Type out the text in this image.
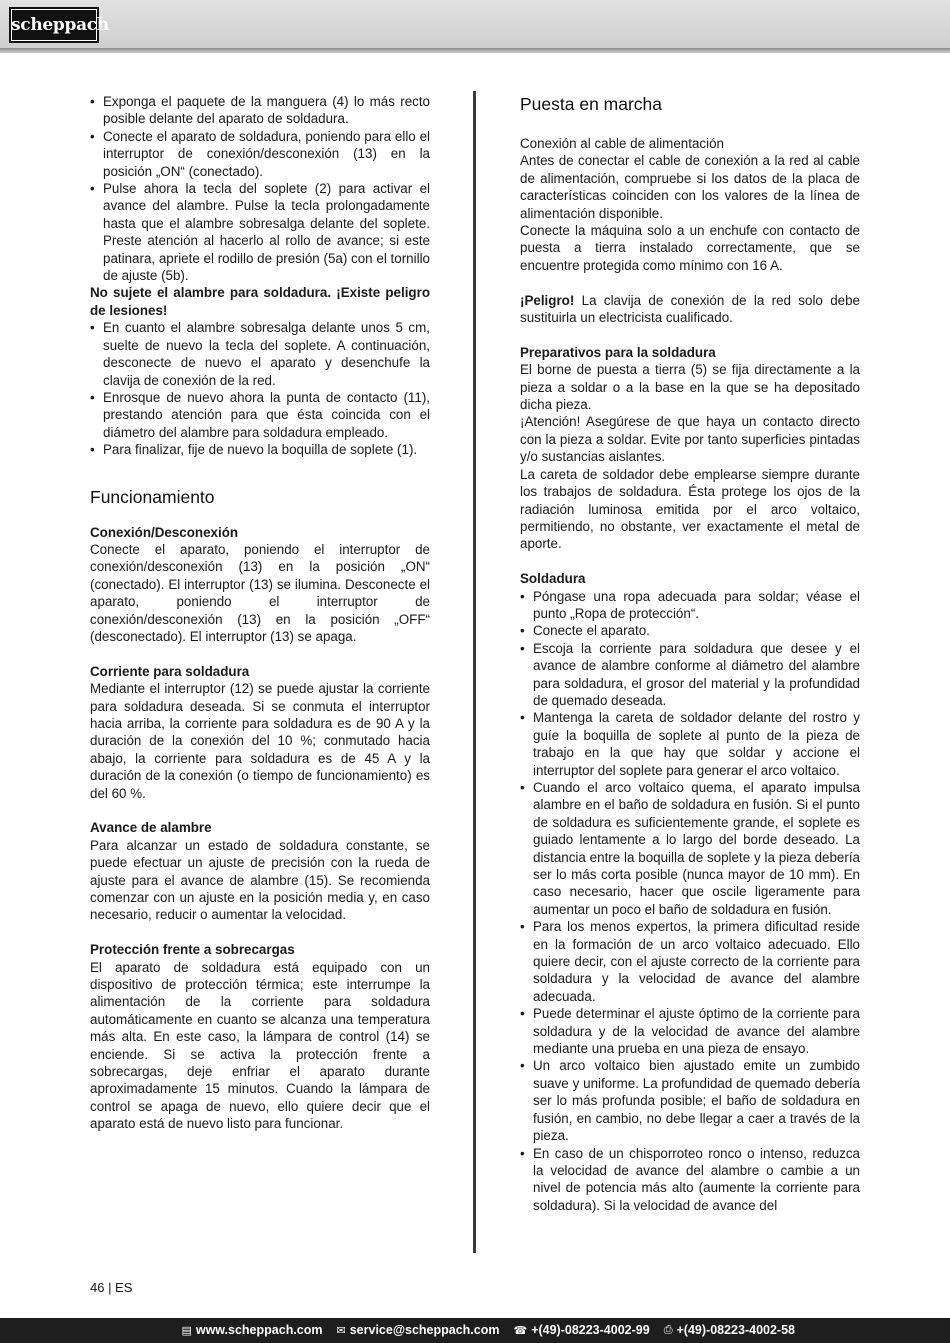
scheppach
• Exponga el paquete de la manguera (4) lo más recto posible delante del aparato de soldadura.
• Conecte el aparato de soldadura, poniendo para ello el interruptor de conexión/desconexión (13) en la posición „ON“ (conectado).
• Pulse ahora la tecla del soplete (2) para activar el avance del alambre. Pulse la tecla prolongadamente hasta que el alambre sobresalga delante del soplete. Preste atención al hacerlo al rollo de avance; si este patinara, apriete el rodillo de presión (5a) con el tornillo de ajuste (5b).

No sujete el alambre para soldadura. ¡Existe peligro de lesiones!

• En cuanto el alambre sobresalga delante unos 5 cm, suelte de nuevo la tecla del soplete. A continuación, desconecte de nuevo el aparato y desenchufe la clavija de conexión de la red.
• Enrosque de nuevo ahora la punta de contacto (11), prestando atención para que ésta coincida con el diámetro del alambre para soldadura empleado.
• Para finalizar, fije de nuevo la boquilla de soplete (1).
Funcionamiento
Conexión/Desconexión

Conecte el aparato, poniendo el interruptor de conexión/desconexión (13) en la posición „ON“ (conectado). El interruptor (13) se ilumina. Desconecte el aparato, poniendo el interruptor de conexión/desconexión (13) en la posición „OFF“ (desconectado). El interruptor (13) se apaga.

Corriente para soldadura

Mediante el interruptor (12) se puede ajustar la corriente para soldadura deseada. Si se conmuta el interruptor hacia arriba, la corriente para soldadura es de 90 A y la duración de la conexión del 10 %; conmutado hacia abajo, la corriente para soldadura es de 45 A y la duración de la conexión (o tiempo de funcionamiento) es del 60 %.

Avance de alambre

Para alcanzar un estado de soldadura constante, se puede efectuar un ajuste de precisión con la rueda de ajuste para el avance de alambre (15). Se recomienda comenzar con un ajuste en la posición media y, en caso necesario, reducir o aumentar la velocidad.

Protección frente a sobrecargas

El aparato de soldadura está equipado con un dispositivo de protección térmica; este interrumpe la alimentación de la corriente para soldadura automáticamente en cuanto se alcanza una temperatura más alta. En este caso, la lámpara de control (14) se enciende. Si se activa la protección frente a sobrecargas, deje enfriar el aparato durante aproximadamente 15 minutos. Cuando la lámpara de control se apaga de nuevo, ello quiere decir que el aparato está de nuevo listo para funcionar.

Puesta en marcha

Conexión al cable de alimentación

Antes de conectar el cable de conexión a la red al cable de alimentación, compruebe si los datos de la placa de características coinciden con los valores de la línea de alimentación disponible.

Conecte la máquina solo a un enchufe con contacto de puesta a tierra instalado correctamente, que se encuentre protegida como mínimo con 16 A.

¡Peligro! La clavija de conexión de la red solo debe sustituirla un electricista cualificado.

Preparativos para la soldadura

El borne de puesta a tierra (5) se fija directamente a la pieza a soldar o a la base en la que se ha depositado dicha pieza.

¡Atención! Asegúrese de que haya un contacto directo con la pieza a soldar. Evite por tanto superficies pintadas y/o sustancias aislantes.

La careta de soldador debe emplearse siempre durante los trabajos de soldadura. Ésta protege los ojos de la radiación luminosa emitida por el arco voltaico, permitiendo, no obstante, ver exactamente el metal de aporte.

Soldadura
• Póngase una ropa adecuada para soldar; véase el punto „Ropa de protección“.
• Conecte el aparato.
• Escoja la corriente para soldadura que desee y el avance de alambre conforme al diámetro del alambre para soldadura, el grosor del material y la profundidad de quemado deseada.
• Mantenga la careta de soldador delante del rostro y guíe la boquilla de soplete al punto de la pieza de trabajo en la que hay que soldar y accione el interruptor del soplete para generar el arco voltaico.
• Cuando el arco voltaico quema, el aparato impulsa alambre en el baño de soldadura en fusión. Si el punto de soldadura es suficientemente grande, el soplete es guiado lentamente a lo largo del borde deseado. La distancia entre la boquilla de soplete y la pieza debería ser lo más corta posible (nunca mayor de 10 mm). En caso necesario, hacer que oscile ligeramente para aumentar un poco el baño de soldadura en fusión.
• Para los menos expertos, la primera dificultad reside en la formación de un arco voltaico adecuado. Ello quiere decir, con el ajuste correcto de la corriente para soldadura y la velocidad de avance del alambre adecuada.
• Puede determinar el ajuste óptimo de la corriente para soldadura y de la velocidad de avance del alambre mediante una prueba en una pieza de ensayo.
• Un arco voltaico bien ajustado emite un zumbido suave y uniforme. La profundidad de quemado debería ser lo más profunda posible; el baño de soldadura en fusión, en cambio, no debe llegar a caer a través de la pieza.
• En caso de un chisporroteo ronco o intenso, reduzca la velocidad de avance del alambre o cambie a un nivel de potencia más alto (aumente la corriente para soldadura). Si la velocidad de avance del
46 | ES
▤ www.scheppach.com ✉ service@scheppach.com ☎ +(49)-08223-4002-99 ⎙ +(49)-08223-4002-58
